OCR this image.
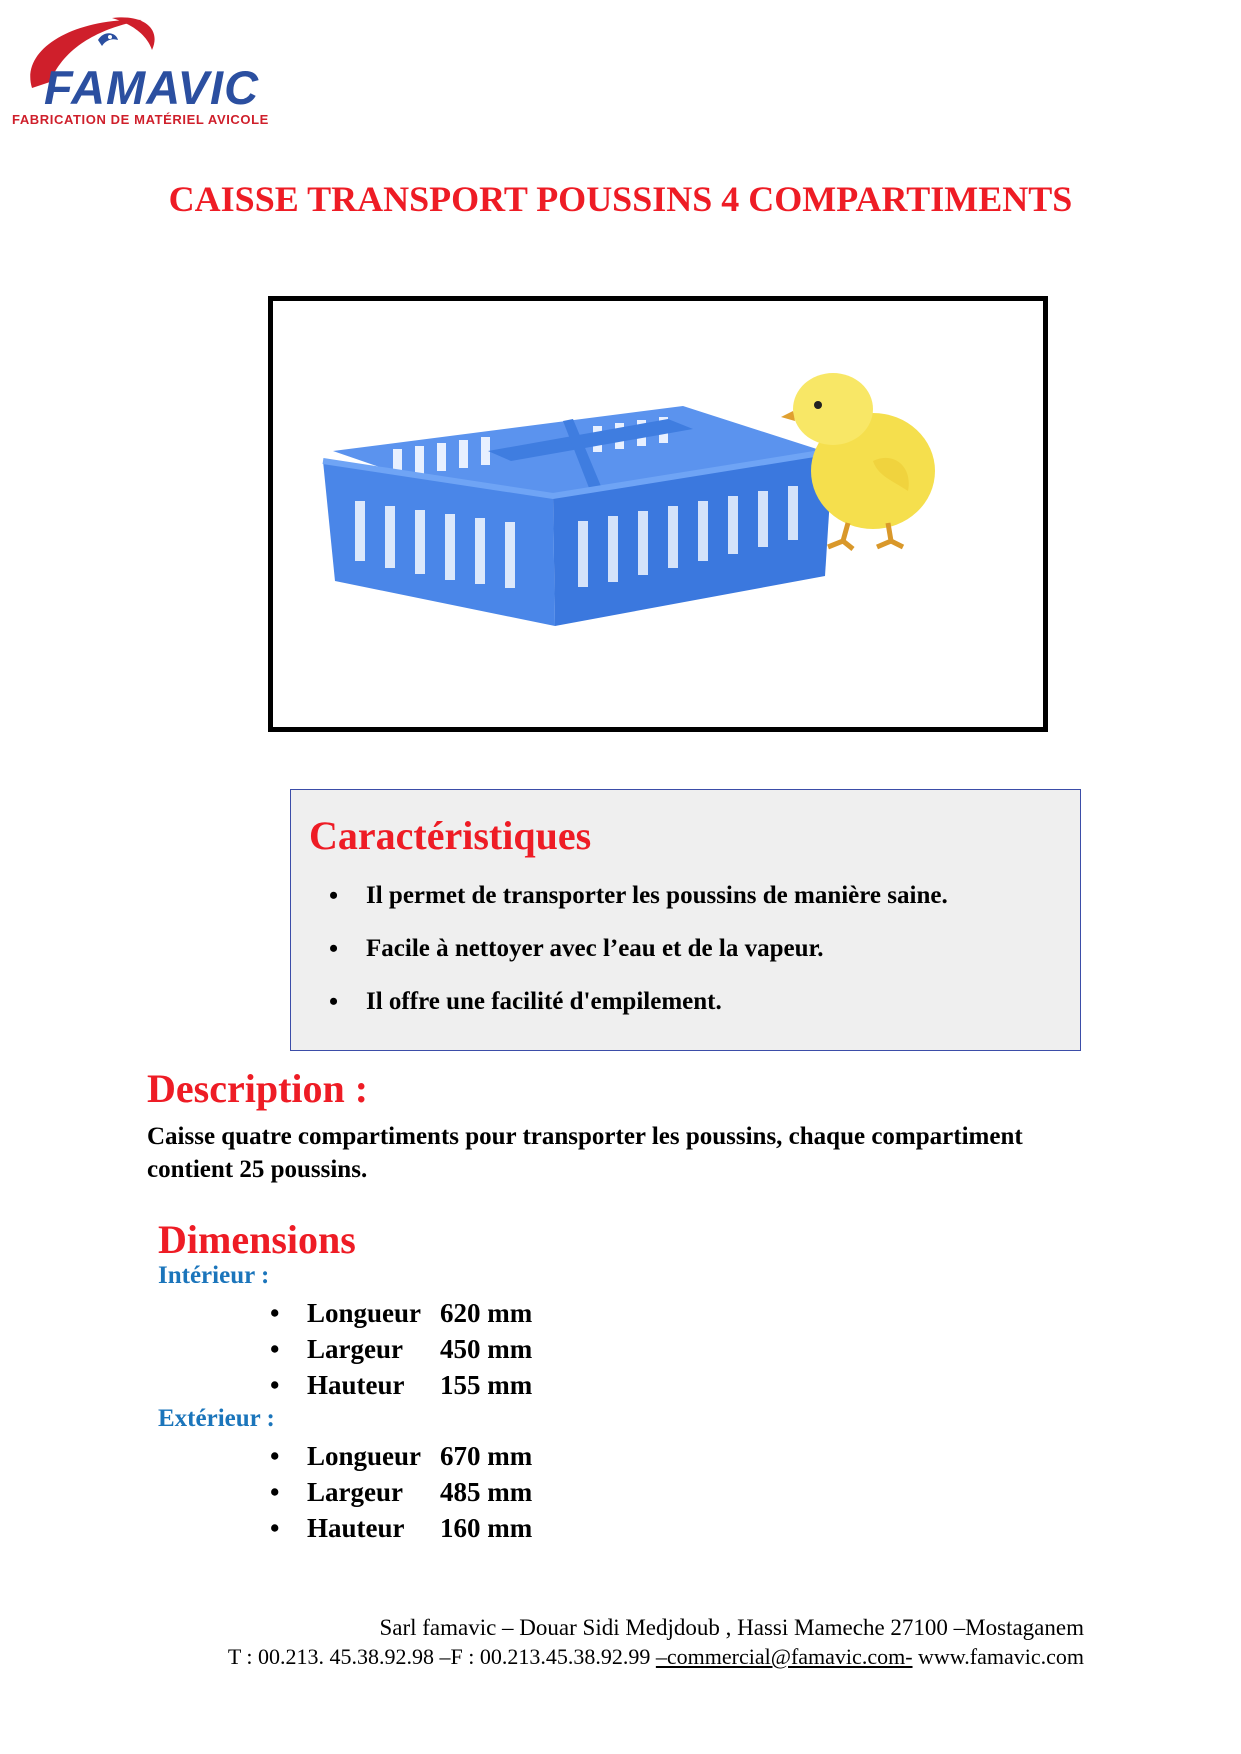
FAMAVIC
FABRICATION DE MATÉRIEL AVICOLE
CAISSE TRANSPORT POUSSINS 4 COMPARTIMENTS
Caractéristiques
• Il permet de transporter les poussins de manière saine.
• Facile à nettoyer avec l’eau et de la vapeur.
• Il offre une facilité d'empilement.
Description :
Caisse quatre compartiments pour transporter les poussins, chaque compartiment contient 25 poussins.
Dimensions
Intérieur :
Longueur 620 mm
Largeur 450 mm
Hauteur 155 mm
Extérieur :
Longueur 670 mm
Largeur 485 mm
Hauteur 160 mm
Sarl famavic – Douar Sidi Medjdoub , Hassi Mameche 27100 –Mostaganem
T : 00.213. 45.38.92.98 –F : 00.213.45.38.92.99 –commercial@famavic.com- www.famavic.com
